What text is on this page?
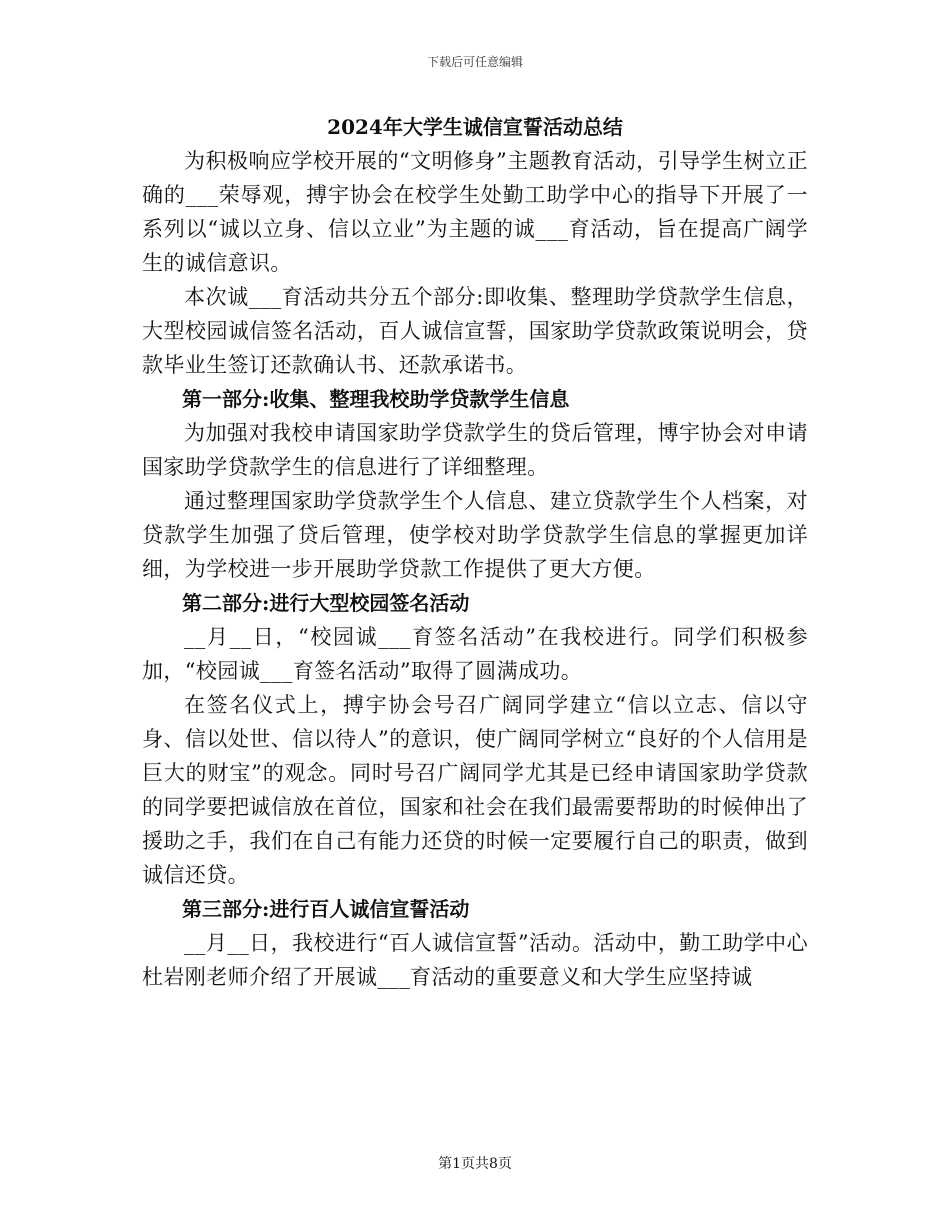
下载后可任意编辑
2024年大学生诚信宣誓活动总结

为积极响应学校开展的“文明修身”主题教育活动，引导学生树立正确的___荣辱观，搏宇协会在校学生处勤工助学中心的指导下开展了一系列以“诚以立身、信以立业”为主题的诚___育活动，旨在提高广阔学生的诚信意识。

本次诚___育活动共分五个部分:即收集、整理助学贷款学生信息，大型校园诚信签名活动，百人诚信宣誓，国家助学贷款政策说明会，贷款毕业生签订还款确认书、还款承诺书。

第一部分:收集、整理我校助学贷款学生信息

为加强对我校申请国家助学贷款学生的贷后管理，博宇协会对申请国家助学贷款学生的信息进行了详细整理。

通过整理国家助学贷款学生个人信息、建立贷款学生个人档案，对贷款学生加强了贷后管理，使学校对助学贷款学生信息的掌握更加详细，为学校进一步开展助学贷款工作提供了更大方便。

第二部分:进行大型校园签名活动

__月__日，“校园诚___育签名活动”在我校进行。同学们积极参加，“校园诚___育签名活动”取得了圆满成功。

在签名仪式上，搏宇协会号召广阔同学建立“信以立志、信以守身、信以处世、信以待人”的意识，使广阔同学树立“良好的个人信用是巨大的财宝”的观念。同时号召广阔同学尤其是已经申请国家助学贷款的同学要把诚信放在首位，国家和社会在我们最需要帮助的时候伸出了援助之手，我们在自己有能力还贷的时候一定要履行自己的职责，做到诚信还贷。

第三部分:进行百人诚信宣誓活动

__月__日，我校进行“百人诚信宣誓”活动。活动中，勤工助学中心杜岩刚老师介绍了开展诚___育活动的重要意义和大学生应坚持诚

第1页共8页
